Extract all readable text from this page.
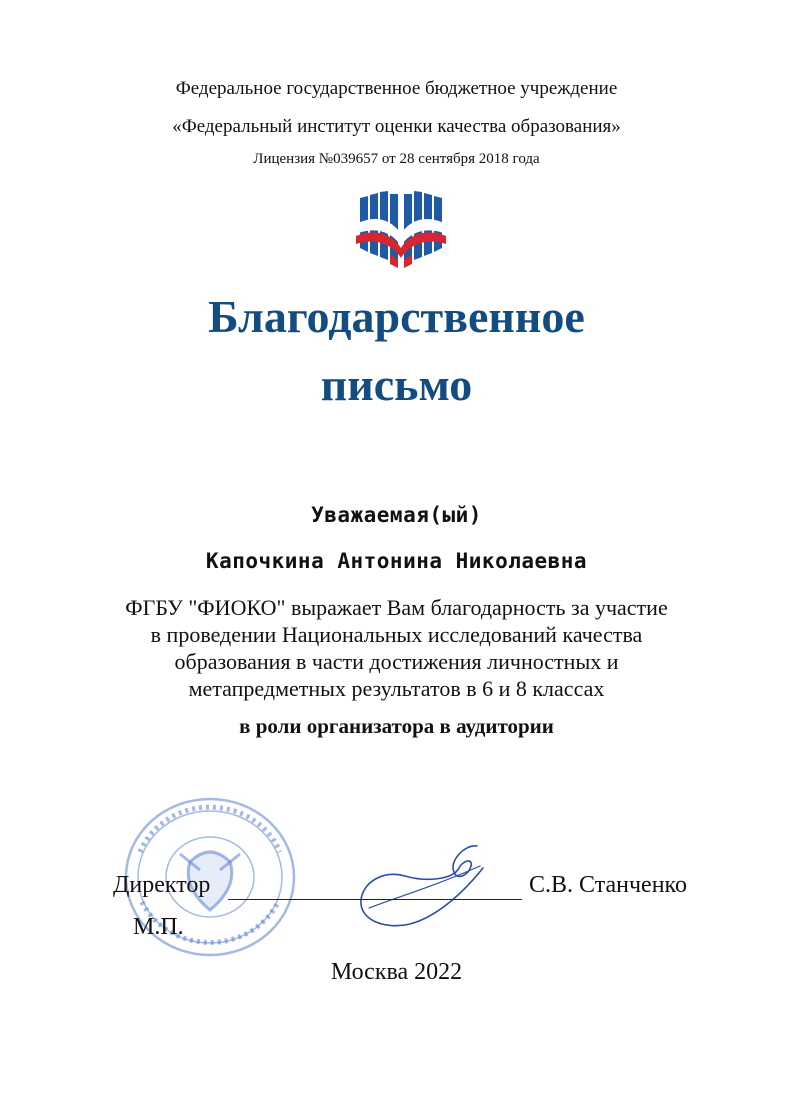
Федеральное государственное бюджетное учреждение
«Федеральный институт оценки качества образования»
Лицензия №039657 от 28 сентября 2018 года
Благодарственное
письмо
Уважаемая(ый)
Капочкина Антонина Николаевна
ФГБУ "ФИОКО" выражает Вам благодарность за участие
в проведении Национальных исследований качества
образования в части достижения личностных и
метапредметных результатов в 6 и 8 классах
в роли организатора в аудитории
Директор	С.В. Станченко
М.П.
Москва 2022
